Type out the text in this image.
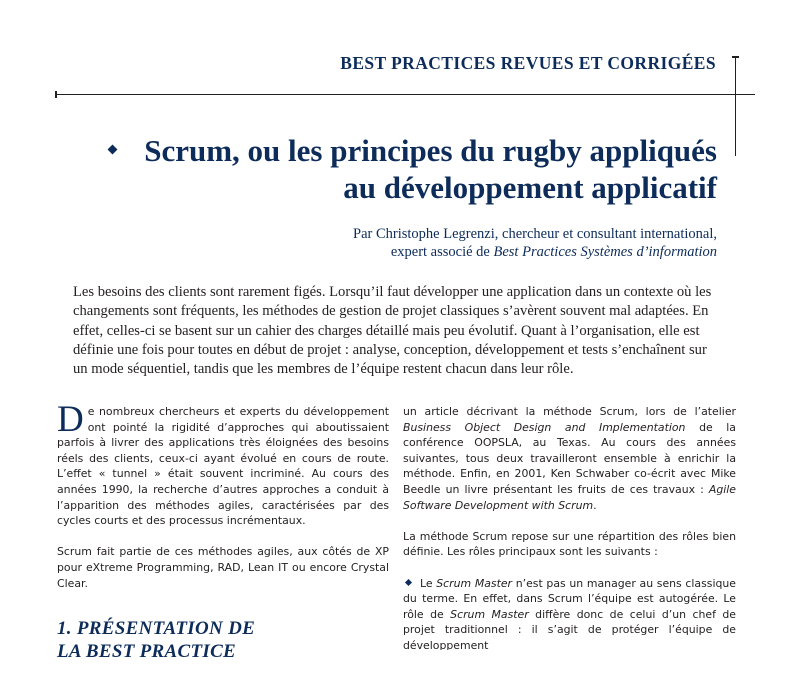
BEST PRACTICES REVUES ET CORRIGÉES
Scrum, ou les principes du rugby appliqués au développement applicatif
Par Christophe Legrenzi, chercheur et consultant international,
expert associé de Best Practices Systèmes d’information

Les besoins des clients sont rarement figés. Lorsqu’il faut développer une application dans un contexte où les changements sont fréquents, les méthodes de gestion de projet classiques s’avèrent souvent mal adaptées. En effet, celles-ci se basent sur un cahier des charges détaillé mais peu évolutif. Quant à l’organisation, elle est définie une fois pour toutes en début de projet : analyse, conception, développement et tests s’enchaînent sur un mode séquentiel, tandis que les membres de l’équipe restent chacun dans leur rôle.

De nombreux chercheurs et experts du développement ont pointé la rigidité d’approches qui aboutissaient parfois à livrer des applications très éloignées des besoins réels des clients, ceux-ci ayant évolué en cours de route. L’effet « tunnel » était souvent incriminé. Au cours des années 1990, la recherche d’autres approches a conduit à l’apparition des méthodes agiles, caractérisées par des cycles courts et des processus incrémentaux.

Scrum fait partie de ces méthodes agiles, aux côtés de XP pour eXtreme Programming, RAD, Lean IT ou encore Crystal Clear.

1. PRÉSENTATION DE
LA BEST PRACTICE

un article décrivant la méthode Scrum, lors de l’atelier Business Object Design and Implementation de la conférence OOPSLA, au Texas. Au cours des années suivantes, tous deux travailleront ensemble à enrichir la méthode. Enfin, en 2001, Ken Schwaber co-écrit avec Mike Beedle un livre présentant les fruits de ces travaux : Agile Software Development with Scrum.

La méthode Scrum repose sur une répartition des rôles bien définie. Les rôles principaux sont les suivants :

Le Scrum Master n’est pas un manager au sens classique du terme. En effet, dans Scrum l’équipe est autogérée. Le rôle de Scrum Master diffère donc de celui d’un chef de projet traditionnel : il s’agit de protéger l’équipe de développement
